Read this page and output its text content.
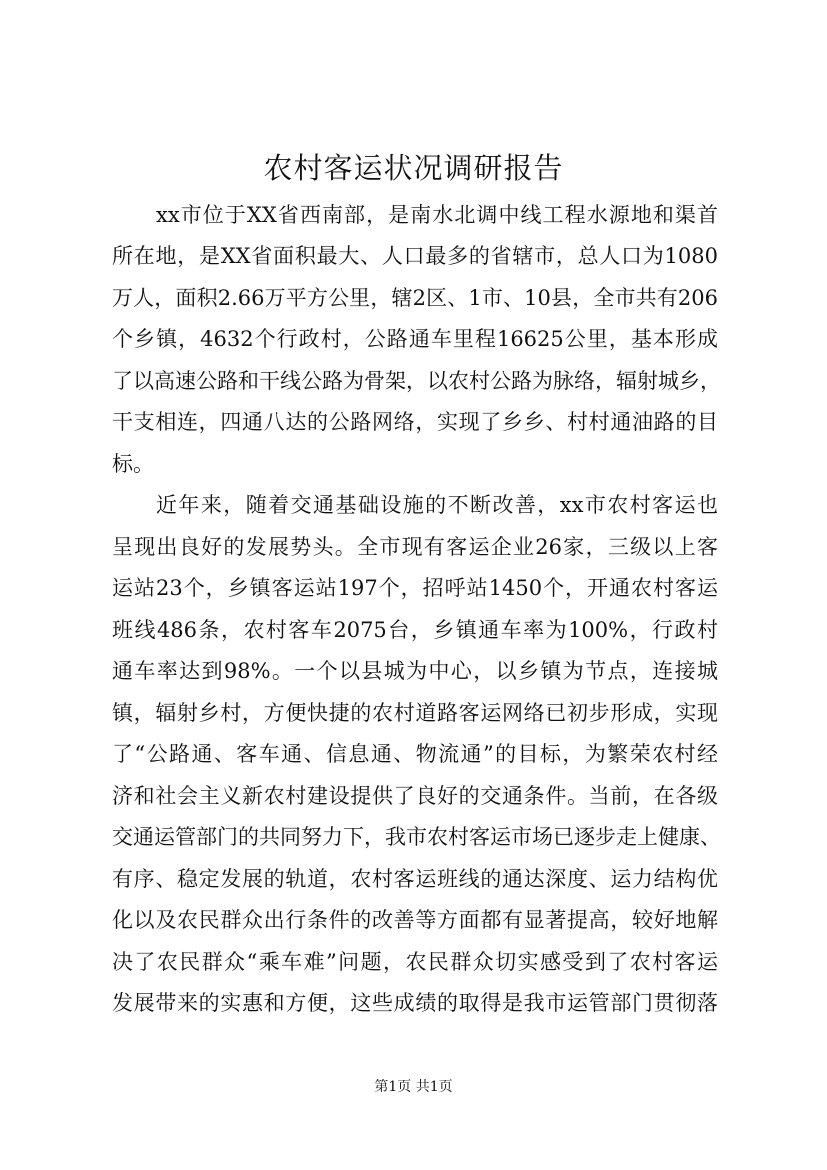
农村客运状况调研报告
xx市位于XX省西南部，是南水北调中线工程水源地和渠首
所在地，是XX省面积最大、人口最多的省辖市，总人口为1080
万人，面积2.66万平方公里，辖2区、1市、10县，全市共有206
个乡镇，4632个行政村，公路通车里程16625公里，基本形成
了以高速公路和干线公路为骨架，以农村公路为脉络，辐射城乡，
干支相连，四通八达的公路网络，实现了乡乡、村村通油路的目
标。
近年来，随着交通基础设施的不断改善，xx市农村客运也
呈现出良好的发展势头。全市现有客运企业26家，三级以上客
运站23个，乡镇客运站197个，招呼站1450个，开通农村客运
班线486条，农村客车2075台，乡镇通车率为100%，行政村
通车率达到98%。一个以县城为中心，以乡镇为节点，连接城
镇，辐射乡村，方便快捷的农村道路客运网络已初步形成，实现
了“公路通、客车通、信息通、物流通”的目标，为繁荣农村经
济和社会主义新农村建设提供了良好的交通条件。当前，在各级
交通运管部门的共同努力下，我市农村客运市场已逐步走上健康、
有序、稳定发展的轨道，农村客运班线的通达深度、运力结构优
化以及农民群众出行条件的改善等方面都有显著提高，较好地解
决了农民群众“乘车难”问题，农民群众切实感受到了农村客运
发展带来的实惠和方便，这些成绩的取得是我市运管部门贯彻落
第1页 共1页
